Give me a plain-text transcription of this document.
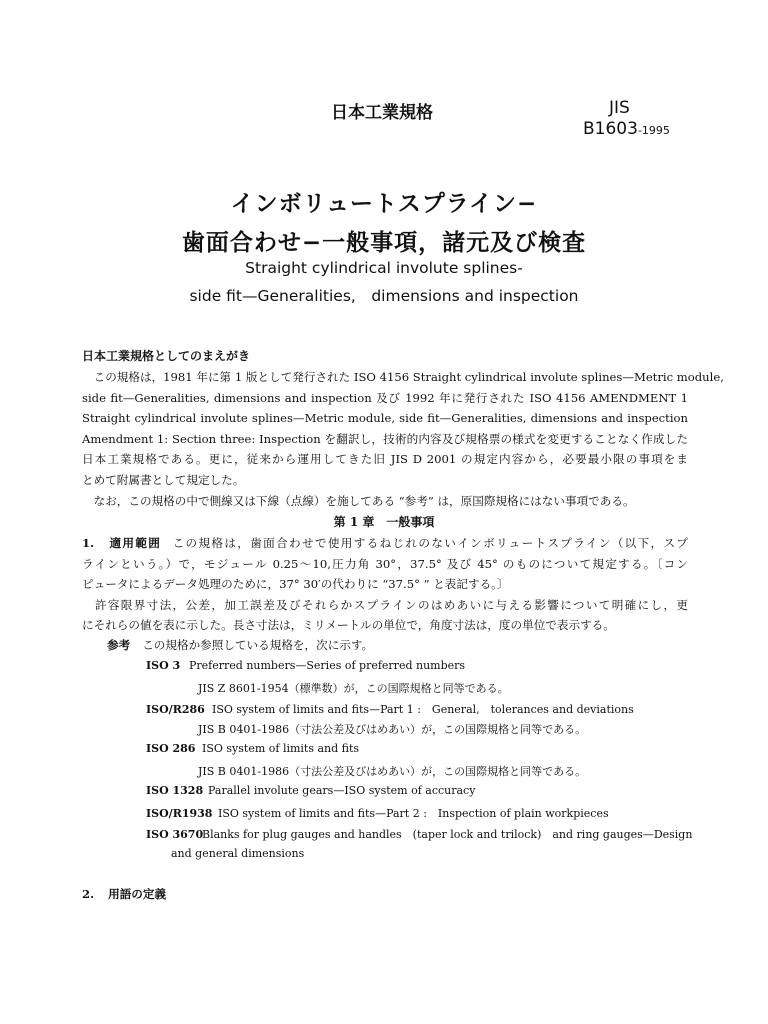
日本工業規格	JIS
B1603-1995
インボリュートスプライン−
歯面合わせ−一般事項，諸元及び検査
Straight cylindrical involute splines-
side fit—Generalities,　dimensions and inspection
日本工業規格としてのまえがき
　この規格は，1981 年に第 1 版として発行された ISO 4156 Straight cylindrical involute splines—Metric module,
side fit—Generalities, dimensions and inspection 及び 1992 年に発行された ISO 4156 AMENDMENT 1
Straight cylindrical involute splines—Metric module, side fit—Generalities, dimensions and inspection
Amendment 1: Section three: Inspection を翻訳し，技術的内容及び規格票の様式を変更することなく作成した
日本工業規格である。更に，従来から運用してきた旧 JIS D 2001 の規定内容から，必要最小限の事項をま
とめて附属書として規定した。
　なお，この規格の中で側線又は下線（点線）を施してある “参考” は，原国際規格にはない事項である。
第 1 章　一般事項
1. 適用範囲 この規格は，歯面合わせで使用するねじれのないインボリュートスプライン（以下，スプ
ラインという。）で，モジュール 0.25〜10,圧力角 30°，37.5° 及び 45° のものについて規定する。〔コン
ピュータによるデータ処理のために，37° 30′の代わりに “37.5° ” と表記する。〕
　許容限界寸法，公差，加工誤差及びそれらかスプラインのはめあいに与える影響について明確にし，更
にそれらの値を表に示した。長さ寸法は，ミリメートルの単位で，角度寸法は，度の単位で表示する。
参考 この規格か参照している規格を，次に示す。
ISO 3 Preferred numbers—Series of preferred numbers
JIS Z 8601-1954（標準数）が，この国際規格と同等である。
ISO/R286 ISO system of limits and fits—Part 1 :　General,　tolerances and deviations
JIS B 0401-1986（寸法公差及びはめあい）が，この国際規格と同等である。
ISO 286 ISO system of limits and fits
JIS B 0401-1986（寸法公差及びはめあい）が，この国際規格と同等である。
ISO 1328 Parallel involute gears—ISO system of accuracy
ISO/R1938 ISO system of limits and fits—Part 2 :　Inspection of plain workpieces
ISO 3670Blanks for plug gauges and handles　(taper lock and trilock)　and ring gauges—Design
and general dimensions
2. 用語の定義
